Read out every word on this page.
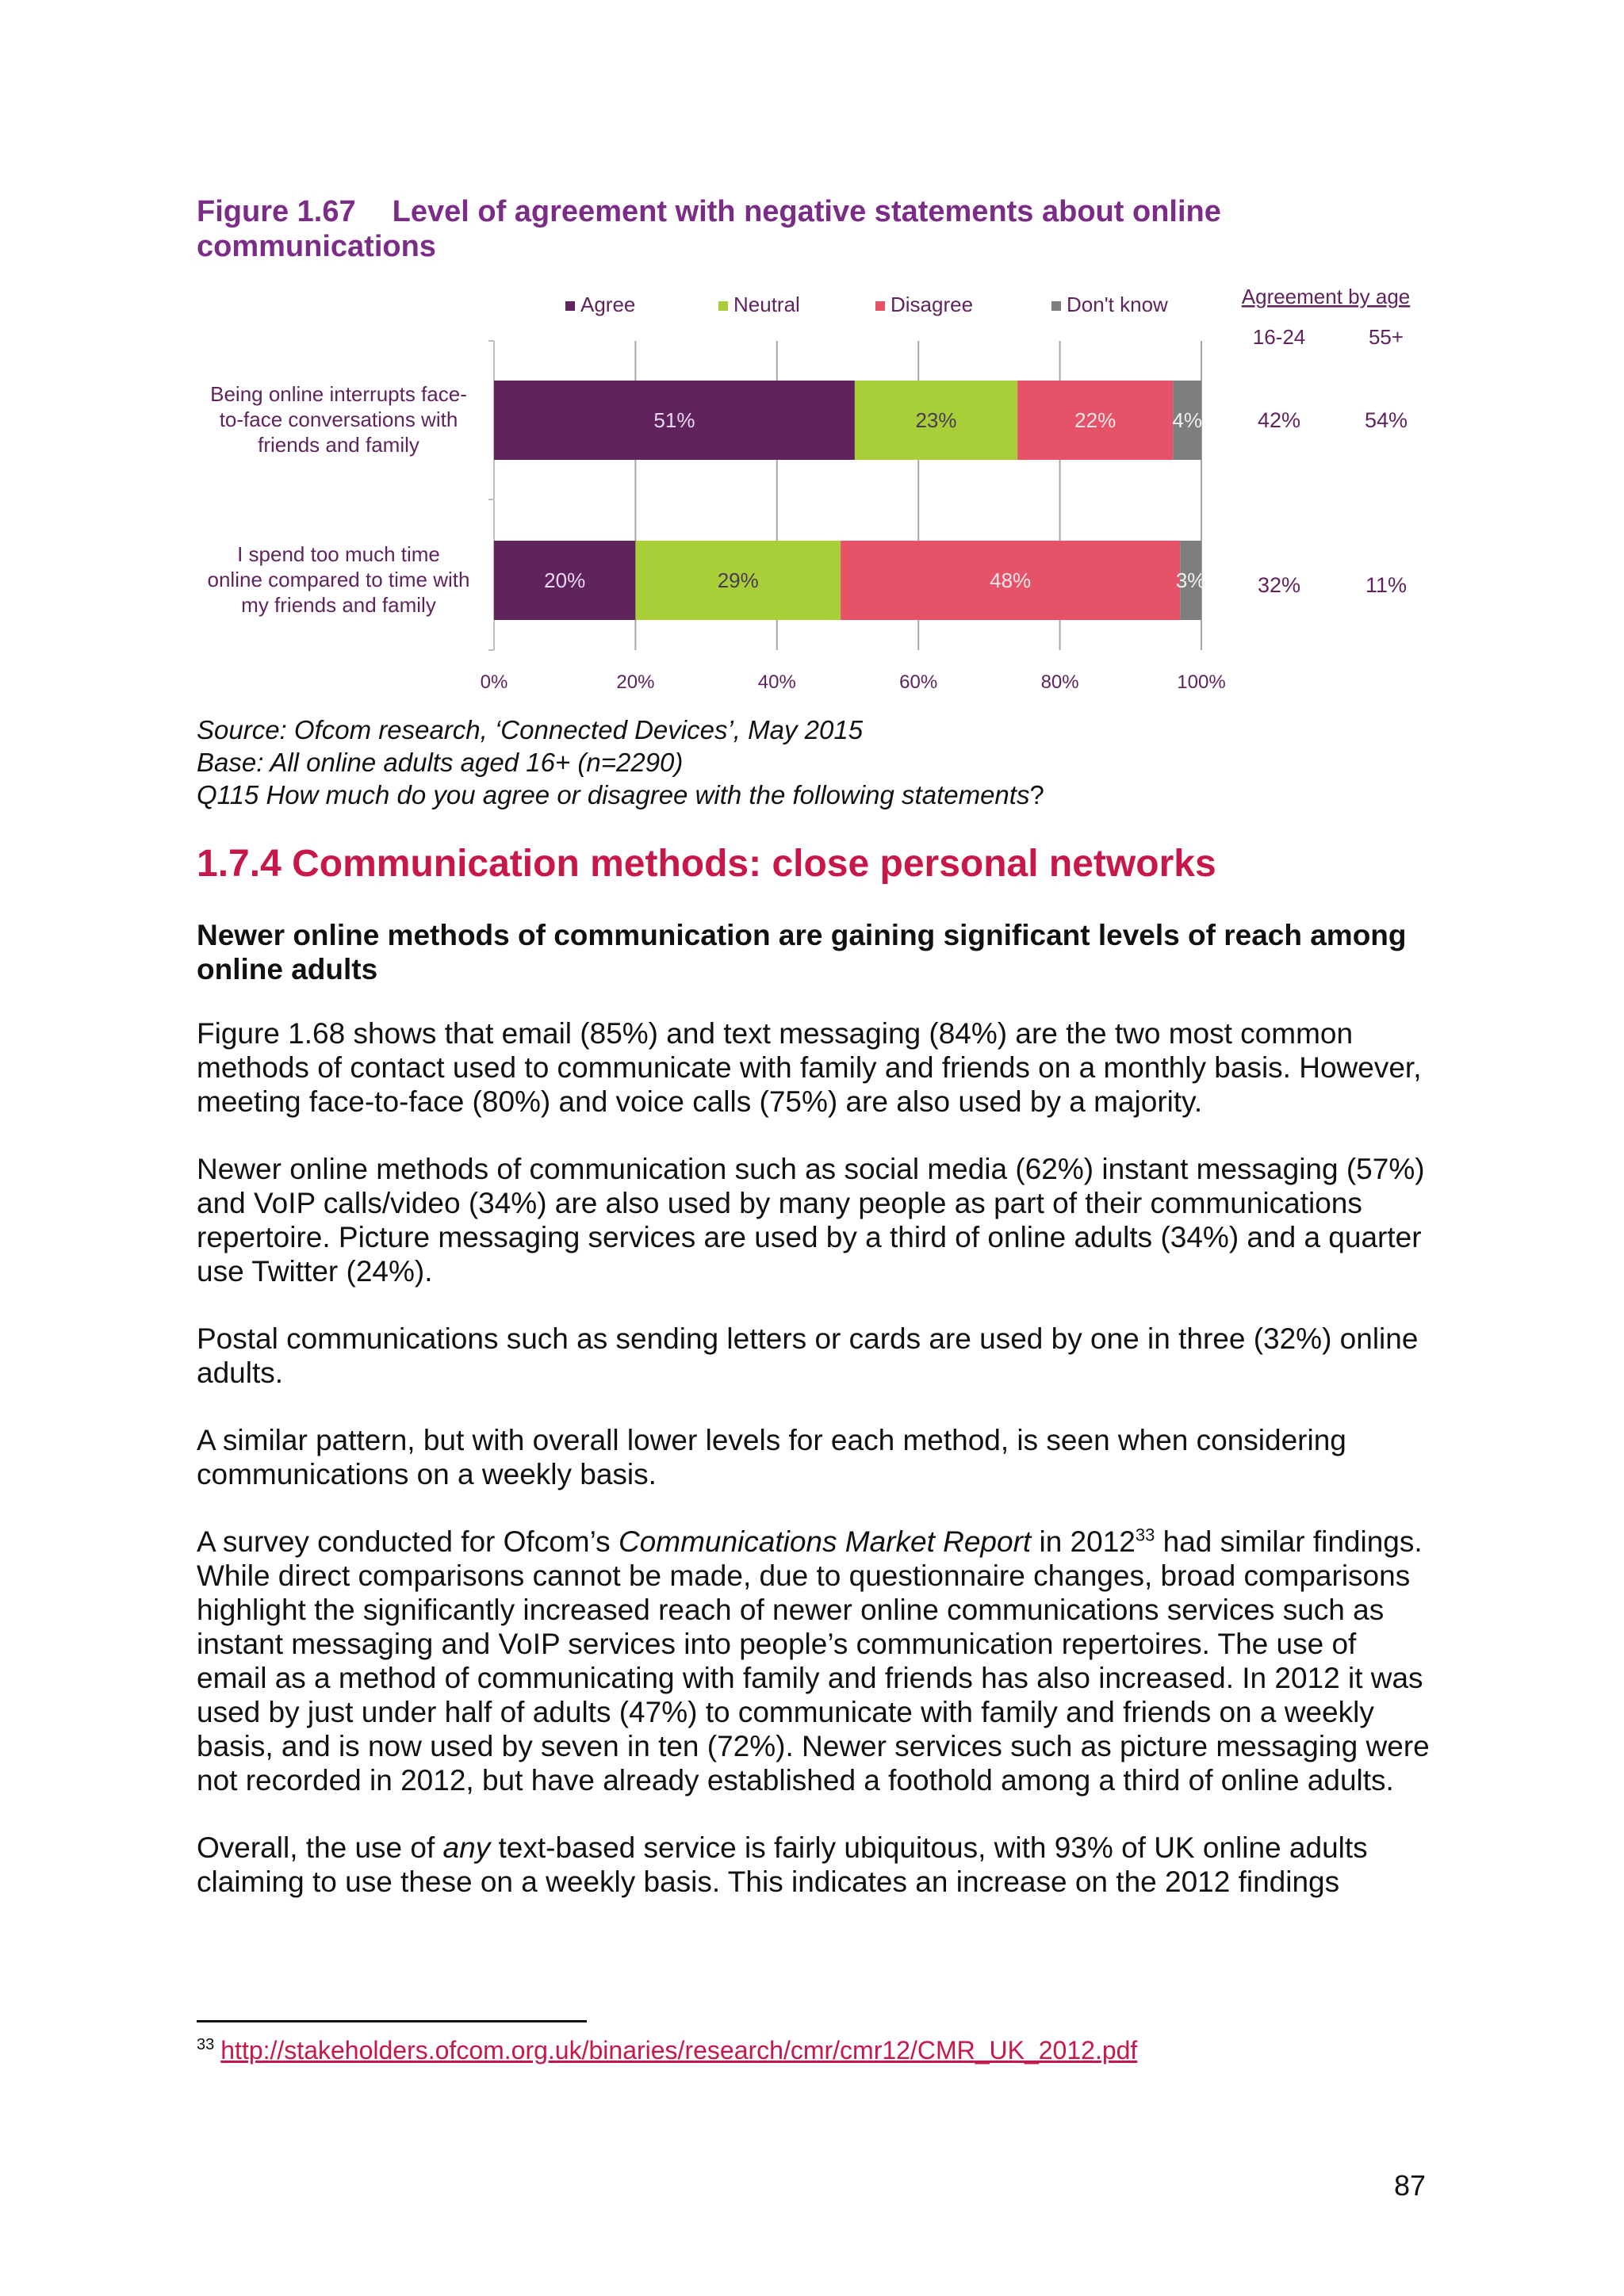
Figure 1.67 Level of agreement with negative statements about online communications
0%	20%	40%	60%	80%	100%
Agree	Neutral	Disagree	Don't know
51%	23%	22%	4%
Being online interrupts face-
to-face conversations with
friends and family
20%	29%	48%	3%
I spend too much time
online compared to time with
my friends and family
Agreement by age
16-24	55+
42%	54%
32%	11%
Source: Ofcom research, ‘Connected Devices’, May 2015
Base: All online adults aged 16+ (n=2290)
Q115 How much do you agree or disagree with the following statements?
1.7.4 Communication methods: close personal networks

Newer online methods of communication are gaining significant levels of reach among online adults

Figure 1.68 shows that email (85%) and text messaging (84%) are the two most common methods of contact used to communicate with family and friends on a monthly basis. However, meeting face-to-face (80%) and voice calls (75%) are also used by a majority.

Newer online methods of communication such as social media (62%) instant messaging (57%) and VoIP calls/video (34%) are also used by many people as part of their communications repertoire. Picture messaging services are used by a third of online adults (34%) and a quarter use Twitter (24%).

Postal communications such as sending letters or cards are used by one in three (32%) online adults.

A similar pattern, but with overall lower levels for each method, is seen when considering communications on a weekly basis.

A survey conducted for Ofcom’s Communications Market Report in 2012$^{33}$ had similar findings. While direct comparisons cannot be made, due to questionnaire changes, broad comparisons highlight the significantly increased reach of newer online communications services such as instant messaging and VoIP services into people’s communication repertoires. The use of email as a method of communicating with family and friends has also increased. In 2012 it was used by just under half of adults (47%) to communicate with family and friends on a weekly basis, and is now used by seven in ten (72%). Newer services such as picture messaging were not recorded in 2012, but have already established a foothold among a third of online adults.

Overall, the use of any text-based service is fairly ubiquitous, with 93% of UK online adults claiming to use these on a weekly basis. This indicates an increase on the 2012 findings

$^{33}$ http://stakeholders.ofcom.org.uk/binaries/research/cmr/cmr12/CMR_UK_2012.pdf
87
